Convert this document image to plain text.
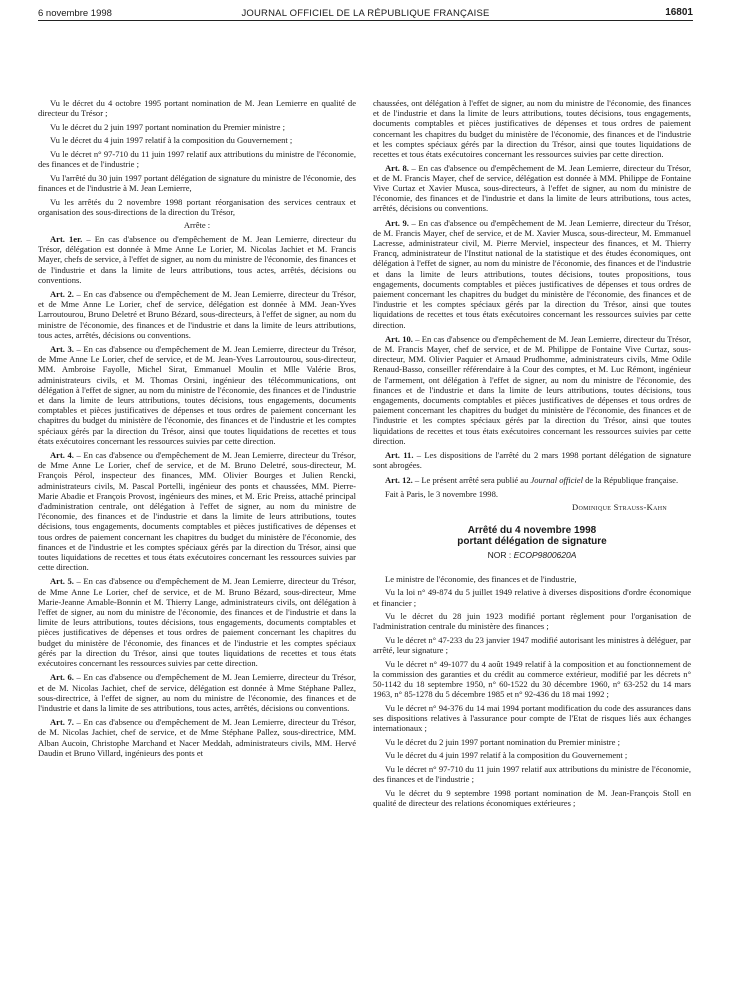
6 novembre 1998	JOURNAL OFFICIEL DE LA RÉPUBLIQUE FRANÇAISE	16801

Vu le décret du 4 octobre 1995 portant nomination de M. Jean Lemierre en qualité de directeur du Trésor ;

Vu le décret du 2 juin 1997 portant nomination du Premier ministre ;

Vu le décret du 4 juin 1997 relatif à la composition du Gouvernement ;

Vu le décret n° 97-710 du 11 juin 1997 relatif aux attributions du ministre de l'économie, des finances et de l'industrie ;

Vu l'arrêté du 30 juin 1997 portant délégation de signature du ministre de l'économie, des finances et de l'industrie à M. Jean Lemierre,

Vu les arrêtés du 2 novembre 1998 portant réorganisation des services centraux et organisation des sous-directions de la direction du Trésor,

Arrête :

Art. 1er. – En cas d'absence ou d'empêchement de M. Jean Lemierre, directeur du Trésor, délégation est donnée à Mme Anne Le Lorier, M. Nicolas Jachiet et M. Francis Mayer, chefs de service, à l'effet de signer, au nom du ministre de l'économie, des finances et de l'industrie et dans la limite de leurs attributions, tous actes, arrêtés, décisions ou conventions.

Art. 2. – En cas d'absence ou d'empêchement de M. Jean Lemierre, directeur du Trésor, et de Mme Anne Le Lorier, chef de service, délégation est donnée à MM. Jean-Yves Larroutourou, Bruno Deletré et Bruno Bézard, sous-directeurs, à l'effet de signer, au nom du ministre de l'économie, des finances et de l'industrie et dans la limite de leurs attributions, tous actes, arrêtés, décisions ou conventions.

Art. 3. – En cas d'absence ou d'empêchement de M. Jean Lemierre, directeur du Trésor, de Mme Anne Le Lorier, chef de service, et de M. Jean-Yves Larroutourou, sous-directeur, MM. Ambroise Fayolle, Michel Sirat, Emmanuel Moulin et Mlle Valérie Bros, administrateurs civils, et M. Thomas Orsini, ingénieur des télécommunications, ont délégation à l'effet de signer, au nom du ministre de l'économie, des finances et de l'industrie et dans la limite de leurs attributions, toutes décisions, tous engagements, documents comptables et pièces justificatives de dépenses et tous ordres de paiement concernant les chapitres du budget du ministère de l'économie, des finances et de l'industrie et les comptes spéciaux gérés par la direction du Trésor, ainsi que toutes liquidations de recettes et tous états exécutoires concernant les ressources suivies par cette direction.

Art. 4. – En cas d'absence ou d'empêchement de M. Jean Lemierre, directeur du Trésor, de Mme Anne Le Lorier, chef de service, et de M. Bruno Deletré, sous-directeur, M. François Pérol, inspecteur des finances, MM. Olivier Bourges et Julien Rencki, administrateurs civils, M. Pascal Portelli, ingénieur des ponts et chaussées, MM. Pierre-Marie Abadie et François Provost, ingénieurs des mines, et M. Eric Preiss, attaché principal d'administration centrale, ont délégation à l'effet de signer, au nom du ministre de l'économie, des finances et de l'industrie et dans la limite de leurs attributions, toutes décisions, tous engagements, documents comptables et pièces justificatives de dépenses et tous ordres de paiement concernant les chapitres du budget du ministère de l'économie, des finances et de l'industrie et les comptes spéciaux gérés par la direction du Trésor, ainsi que toutes liquidations de recettes et tous états exécutoires concernant les ressources suivies par cette direction.

Art. 5. – En cas d'absence ou d'empêchement de M. Jean Lemierre, directeur du Trésor, de Mme Anne Le Lorier, chef de service, et de M. Bruno Bézard, sous-directeur, Mme Marie-Jeanne Amable-Bonnin et M. Thierry Lange, administrateurs civils, ont délégation à l'effet de signer, au nom du ministre de l'économie, des finances et de l'industrie et dans la limite de leurs attributions, toutes décisions, tous engagements, documents comptables et pièces justificatives de dépenses et tous ordres de paiement concernant les chapitres du budget du ministère de l'économie, des finances et de l'industrie et les comptes spéciaux gérés par la direction du Trésor, ainsi que toutes liquidations de recettes et tous états exécutoires concernant les ressources suivies par cette direction.

Art. 6. – En cas d'absence ou d'empêchement de M. Jean Lemierre, directeur du Trésor, et de M. Nicolas Jachiet, chef de service, délégation est donnée à Mme Stéphane Pallez, sous-directrice, à l'effet de signer, au nom du ministre de l'économie, des finances et de l'industrie et dans la limite de ses attributions, tous actes, arrêtés, décisions ou conventions.

Art. 7. – En cas d'absence ou d'empêchement de M. Jean Lemierre, directeur du Trésor, de M. Nicolas Jachiet, chef de service, et de Mme Stéphane Pallez, sous-directrice, MM. Alban Aucoin, Christophe Marchand et Nacer Meddah, administrateurs civils, MM. Hervé Daudin et Bruno Villard, ingénieurs des ponts et

chaussées, ont délégation à l'effet de signer, au nom du ministre de l'économie, des finances et de l'industrie et dans la limite de leurs attributions, toutes décisions, tous engagements, documents comptables et pièces justificatives de dépenses et tous ordres de paiement concernant les chapitres du budget du ministère de l'économie, des finances et de l'industrie et les comptes spéciaux gérés par la direction du Trésor, ainsi que toutes liquidations de recettes et tous états exécutoires concernant les ressources suivies par cette direction.

Art. 8. – En cas d'absence ou d'empêchement de M. Jean Lemierre, directeur du Trésor, et de M. Francis Mayer, chef de service, délégation est donnée à MM. Philippe de Fontaine Vive Curtaz et Xavier Musca, sous-directeurs, à l'effet de signer, au nom du ministre de l'économie, des finances et de l'industrie et dans la limite de leurs attributions, tous actes, arrêtés, décisions ou conventions.

Art. 9. – En cas d'absence ou d'empêchement de M. Jean Lemierre, directeur du Trésor, de M. Francis Mayer, chef de service, et de M. Xavier Musca, sous-directeur, M. Emmanuel Lacresse, administrateur civil, M. Pierre Merviel, inspecteur des finances, et M. Thierry Francq, administrateur de l'Institut national de la statistique et des études économiques, ont délégation à l'effet de signer, au nom du ministre de l'économie, des finances et de l'industrie et dans la limite de leurs attributions, toutes décisions, toutes propositions, tous engagements, documents comptables et pièces justificatives de dépenses et tous ordres de paiement concernant les chapitres du budget du ministère de l'économie, des finances et de l'industrie et les comptes spéciaux gérés par la direction du Trésor, ainsi que toutes liquidations de recettes et tous états exécutoires concernant les ressources suivies par cette direction.

Art. 10. – En cas d'absence ou d'empêchement de M. Jean Lemierre, directeur du Trésor, de M. Francis Mayer, chef de service, et de M. Philippe de Fontaine Vive Curtaz, sous-directeur, MM. Olivier Paquier et Arnaud Prudhomme, administrateurs civils, Mme Odile Renaud-Basso, conseiller référendaire à la Cour des comptes, et M. Luc Rémont, ingénieur de l'armement, ont délégation à l'effet de signer, au nom du ministre de l'économie, des finances et de l'industrie et dans la limite de leurs attributions, toutes décisions, tous engagements, documents comptables et pièces justificatives de dépenses et tous ordres de paiement concernant les chapitres du budget du ministère de l'économie, des finances et de l'industrie et les comptes spéciaux gérés par la direction du Trésor, ainsi que toutes liquidations de recettes et tous états exécutoires concernant les ressources suivies par cette direction.

Art. 11. – Les dispositions de l'arrêté du 2 mars 1998 portant délégation de signature sont abrogées.

Art. 12. – Le présent arrêté sera publié au Journal officiel de la République française.

Fait à Paris, le 3 novembre 1998.

Dominique Strauss-Kahn

Arrêté du 4 novembre 1998
portant délégation de signature
NOR : ECOP9800620A

Le ministre de l'économie, des finances et de l'industrie,

Vu la loi n° 49-874 du 5 juillet 1949 relative à diverses dispositions d'ordre économique et financier ;

Vu le décret du 28 juin 1923 modifié portant règlement pour l'organisation de l'administration centrale du ministère des finances ;

Vu le décret n° 47-233 du 23 janvier 1947 modifié autorisant les ministres à déléguer, par arrêté, leur signature ;

Vu le décret n° 49-1077 du 4 août 1949 relatif à la composition et au fonctionnement de la commission des garanties et du crédit au commerce extérieur, modifié par les décrets n° 50-1142 du 18 septembre 1950, n° 60-1522 du 30 décembre 1960, n° 63-252 du 14 mars 1963, n° 85-1278 du 5 décembre 1985 et n° 92-436 du 18 mai 1992 ;

Vu le décret n° 94-376 du 14 mai 1994 portant modification du code des assurances dans ses dispositions relatives à l'assurance pour compte de l'Etat de risques liés aux échanges internationaux ;

Vu le décret du 2 juin 1997 portant nomination du Premier ministre ;

Vu le décret du 4 juin 1997 relatif à la composition du Gouvernement ;

Vu le décret n° 97-710 du 11 juin 1997 relatif aux attributions du ministre de l'économie, des finances et de l'industrie ;

Vu le décret du 9 septembre 1998 portant nomination de M. Jean-François Stoll en qualité de directeur des relations économiques extérieures ;
